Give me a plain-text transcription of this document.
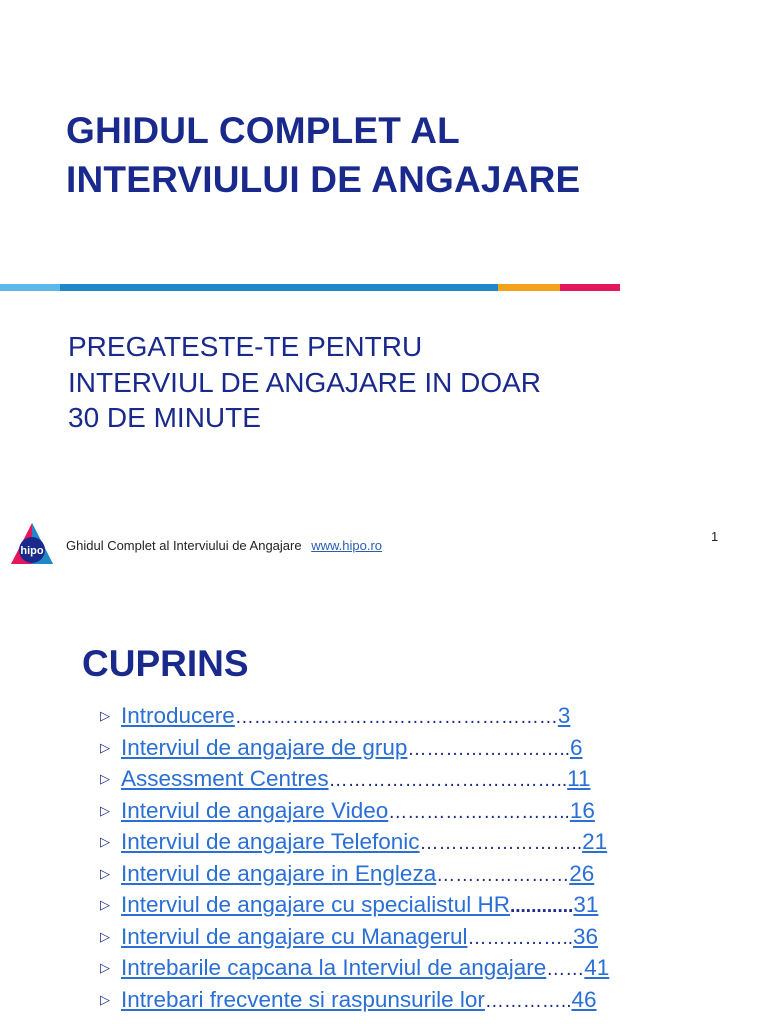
GHIDUL COMPLET AL
INTERVIULUI DE ANGAJARE
PREGATESTE-TE PENTRU
INTERVIUL DE ANGAJARE IN DOAR
30 DE MINUTE
hipo Ghidul Complet al Interviului de Angajare www.hipo.ro
1
CUPRINS
▷ Introducere……………………………………………3
▷ Interviul de angajare de grup……………………..6
▷ Assessment Centres………………………………..11
▷ Interviul de angajare Video………………………..16
▷ Interviul de angajare Telefonic……………………..21
▷ Interviul de angajare in Engleza…………………26
▷ Interviul de angajare cu specialistul HR............31
▷ Interviul de angajare cu Managerul……………..36
▷ Intrebarile capcana la Interviul de angajare……41
▷ Intrebari frecvente si raspunsurile lor…………..46
